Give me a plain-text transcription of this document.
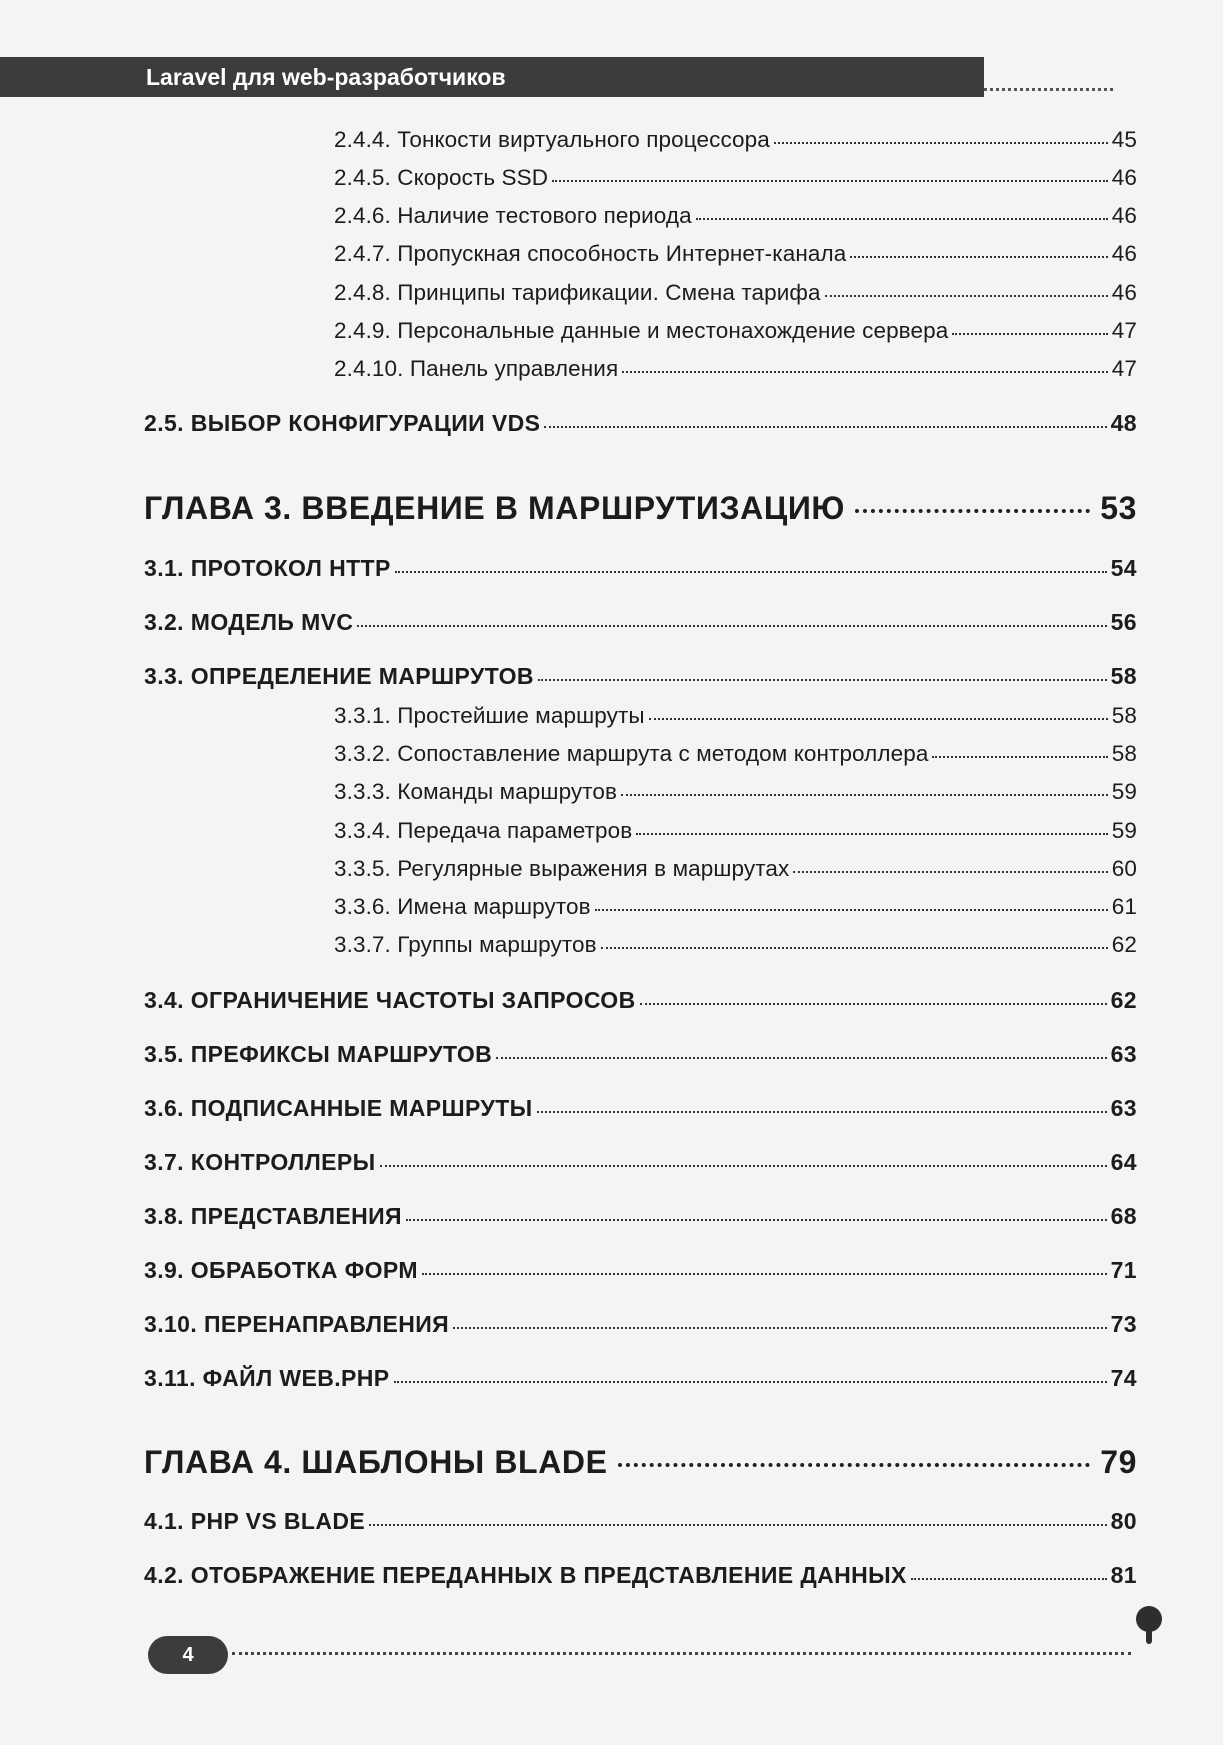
Laravel для web-разработчиков
2.4.4. Тонкости виртуального процессора	45
2.4.5. Скорость SSD	46
2.4.6. Наличие тестового периода	46
2.4.7. Пропускная способность Интернет-канала	46
2.4.8. Принципы тарификации. Смена тарифа	46
2.4.9. Персональные данные и местонахождение сервера	47
2.4.10. Панель управления	47
2.5. ВЫБОР КОНФИГУРАЦИИ VDS	48
ГЛАВА 3. ВВЕДЕНИЕ В МАРШРУТИЗАЦИЮ	53
3.1. ПРОТОКОЛ HTTP	54
3.2. МОДЕЛЬ MVC	56
3.3. ОПРЕДЕЛЕНИЕ МАРШРУТОВ	58
3.3.1. Простейшие маршруты	58
3.3.2. Сопоставление маршрута с методом контроллера	58
3.3.3. Команды маршрутов	59
3.3.4. Передача параметров	59
3.3.5. Регулярные выражения в маршрутах	60
3.3.6. Имена маршрутов	61
3.3.7. Группы маршрутов	62
3.4. ОГРАНИЧЕНИЕ ЧАСТОТЫ ЗАПРОСОВ	62
3.5. ПРЕФИКСЫ МАРШРУТОВ	63
3.6. ПОДПИСАННЫЕ МАРШРУТЫ	63
3.7. КОНТРОЛЛЕРЫ	64
3.8. ПРЕДСТАВЛЕНИЯ	68
3.9. ОБРАБОТКА ФОРМ	71
3.10. ПЕРЕНАПРАВЛЕНИЯ	73
3.11. ФАЙЛ WEB.PHP	74
ГЛАВА 4. ШАБЛОНЫ BLADE	79
4.1. PHP VS BLADE	80
4.2. ОТОБРАЖЕНИЕ ПЕРЕДАННЫХ В ПРЕДСТАВЛЕНИЕ ДАННЫХ	81
4
